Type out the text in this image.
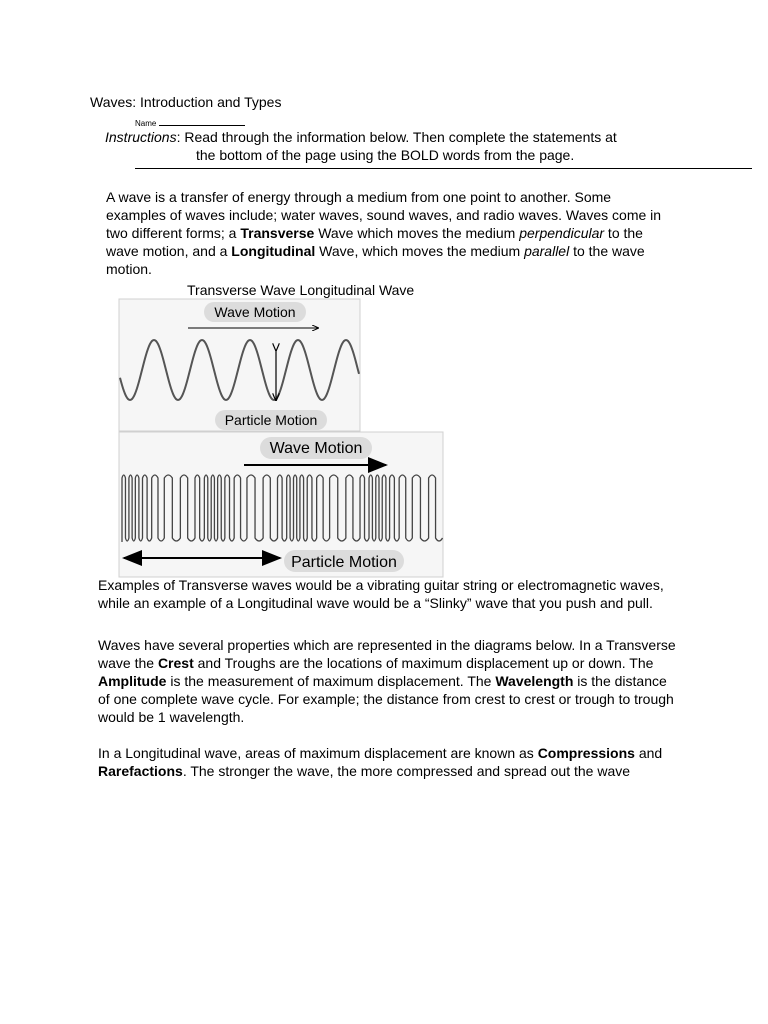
Waves: Introduction and Types
Name
Instructions: Read through the information below. Then complete the statements at
the bottom of the page using the BOLD words from the page.
A wave is a transfer of energy through a medium from one point to another. Some examples of waves include; water waves, sound waves, and radio waves. Waves come in two different forms; a Transverse Wave which moves the medium perpendicular to the wave motion, and a Longitudinal Wave, which moves the medium parallel to the wave motion.
Transverse Wave Longitudinal Wave
Wave Motion
Particle Motion
Wave Motion
Particle Motion
Examples of Transverse waves would be a vibrating guitar string or electromagnetic waves, while an example of a Longitudinal wave would be a “Slinky” wave that you push and pull.
Waves have several properties which are represented in the diagrams below. In a Transverse wave the Crest and Troughs are the locations of maximum displacement up or down. The Amplitude is the measurement of maximum displacement. The Wavelength is the distance of one complete wave cycle. For example; the distance from crest to crest or trough to trough would be 1 wavelength.
In a Longitudinal wave, areas of maximum displacement are known as Compressions and Rarefactions. The stronger the wave, the more compressed and spread out the wave
